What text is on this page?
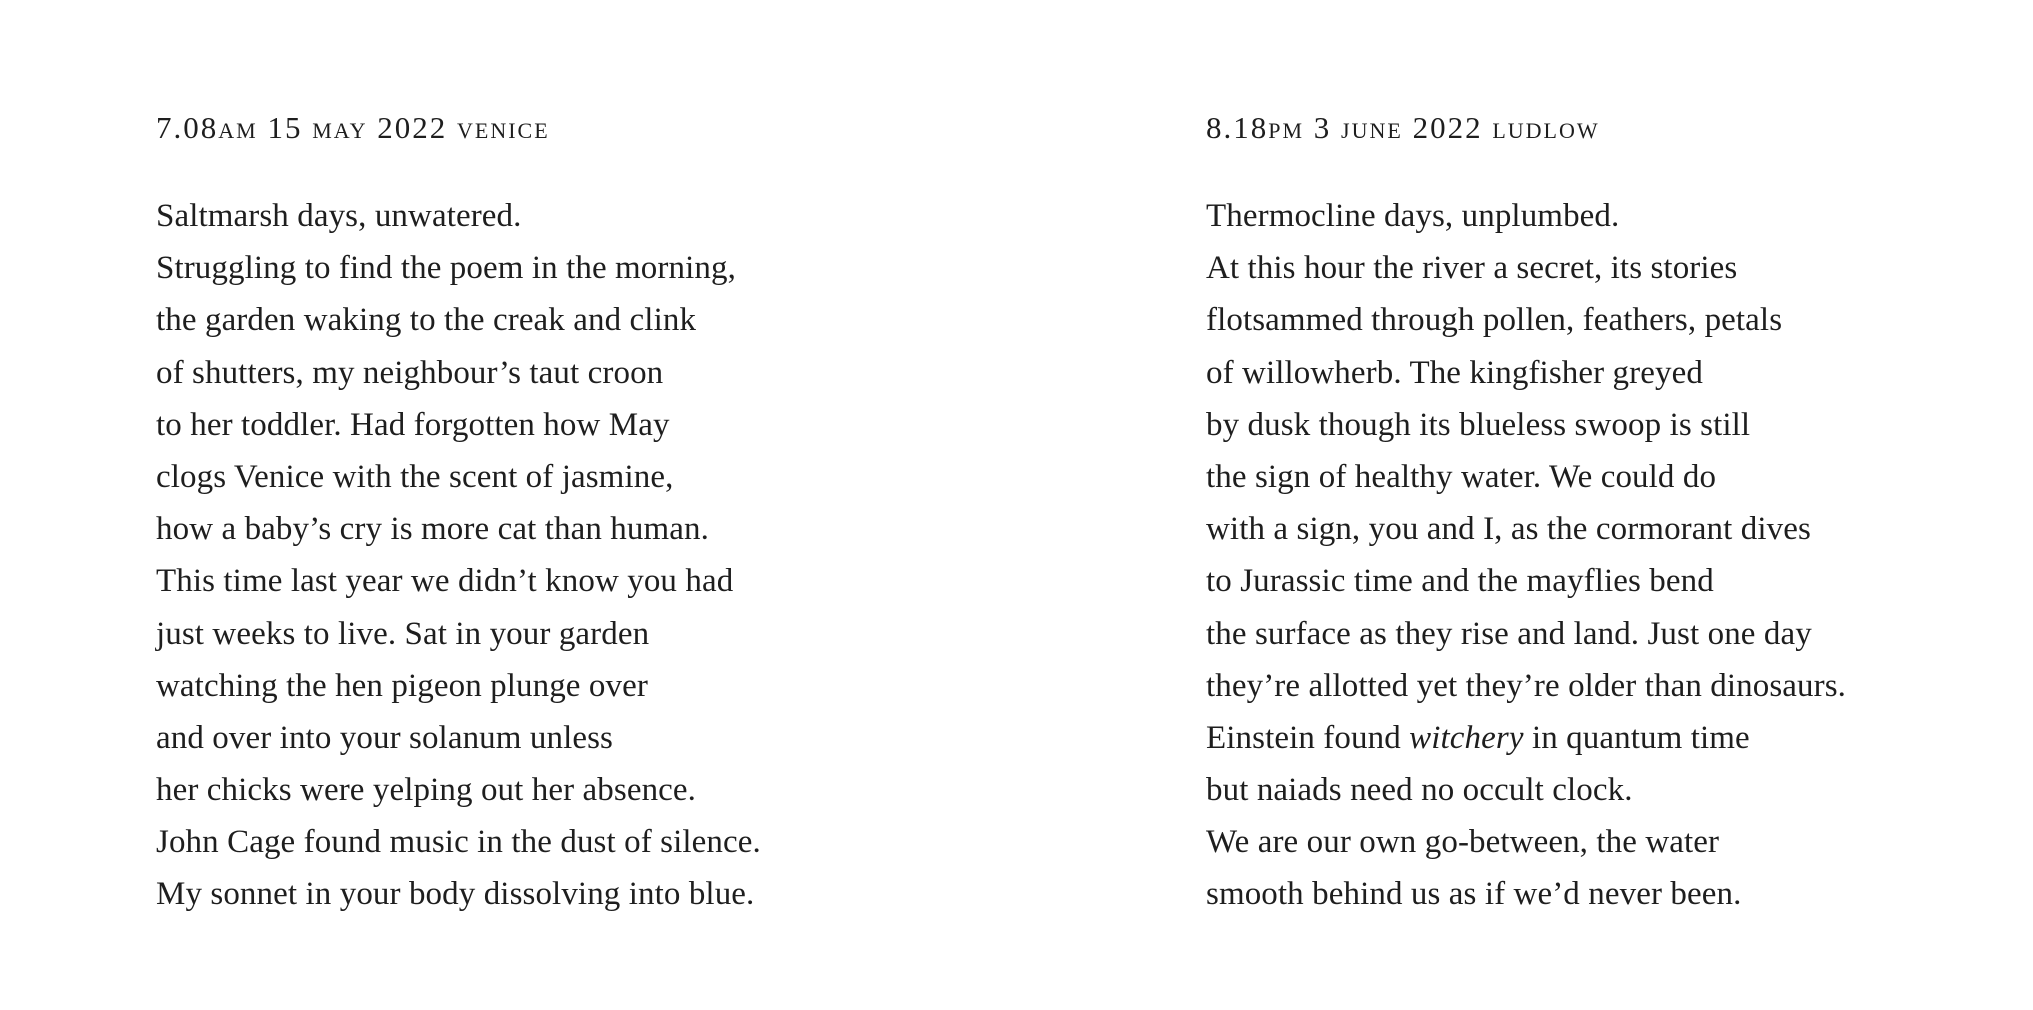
7.08am 15 may 2022 venice
Saltmarsh days, unwatered.
Struggling to find the poem in the morning,
the garden waking to the creak and clink
of shutters, my neighbour’s taut croon
to her toddler. Had forgotten how May
clogs Venice with the scent of jasmine,
how a baby’s cry is more cat than human.
This time last year we didn’t know you had
just weeks to live. Sat in your garden
watching the hen pigeon plunge over
and over into your solanum unless
her chicks were yelping out her absence.
John Cage found music in the dust of silence.
My sonnet in your body dissolving into blue.
8.18pm 3 june 2022 ludlow
Thermocline days, unplumbed.
At this hour the river a secret, its stories
flotsammed through pollen, feathers, petals
of willowherb. The kingfisher greyed
by dusk though its blueless swoop is still
the sign of healthy water. We could do
with a sign, you and I, as the cormorant dives
to Jurassic time and the mayflies bend
the surface as they rise and land. Just one day
they’re allotted yet they’re older than dinosaurs.
Einstein found witchery in quantum time
but naiads need no occult clock.
We are our own go-between, the water
smooth behind us as if we’d never been.
